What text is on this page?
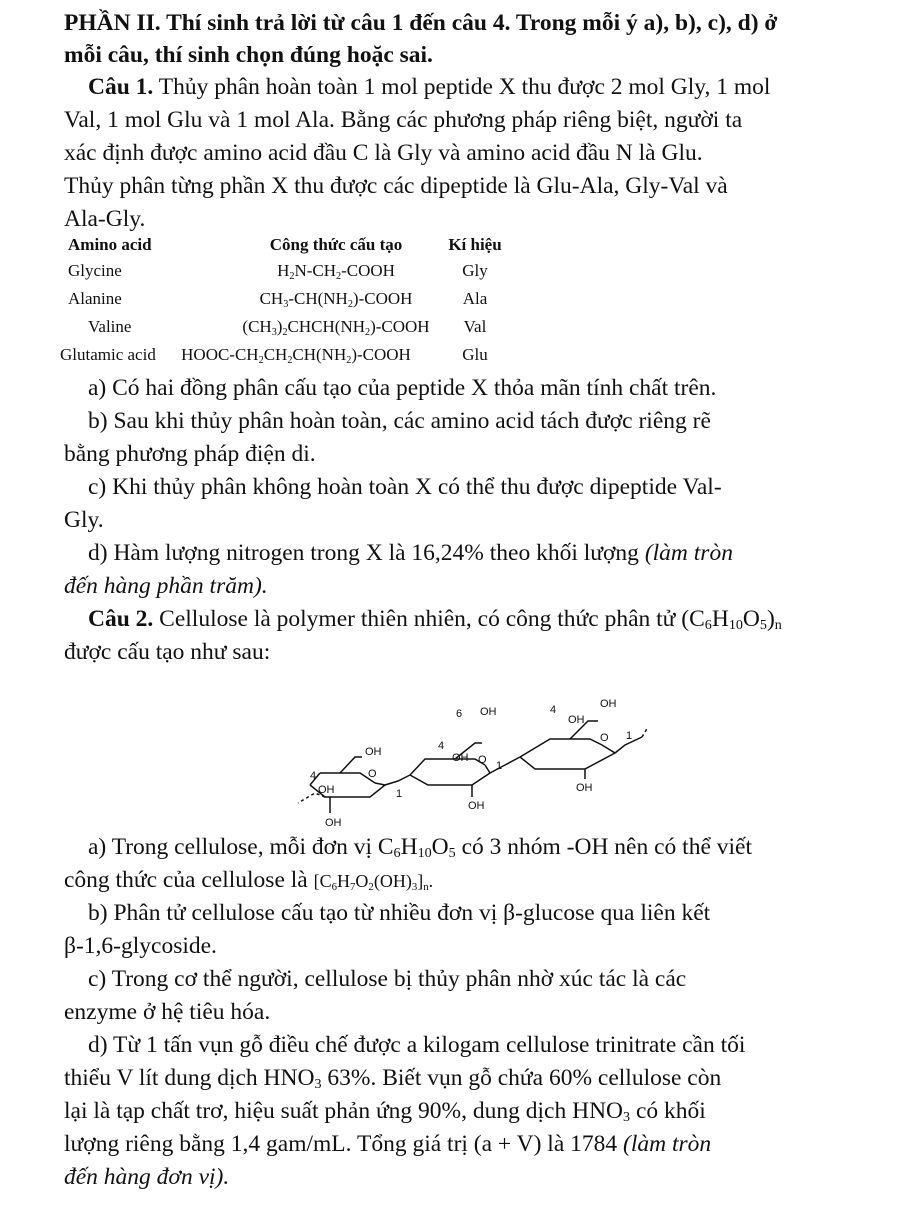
PHẦN II. Thí sinh trả lời từ câu 1 đến câu 4. Trong mỗi ý a), b), c), d) ở
mỗi câu, thí sinh chọn đúng hoặc sai.
Câu 1. Thủy phân hoàn toàn 1 mol peptide X thu được 2 mol Gly, 1 mol
Val, 1 mol Glu và 1 mol Ala. Bằng các phương pháp riêng biệt, người ta
xác định được amino acid đầu C là Gly và amino acid đầu N là Glu.
Thủy phân từng phần X thu được các dipeptide là Glu-Ala, Gly-Val và
Ala-Gly.
Amino acid	Công thức cấu tạo	Kí hiệu
Glycine	$H_2N-CH_2$-COOH	Gly
Alanine	$CH_3-CH(NH_2)$-COOH	Ala
Valine	$(CH_3)_2CHCH(NH_2)$-COOH	Val
Glutamic acid	HOOC-$CH_2CH_2CH(NH_2)$-COOH	Glu
a) Có hai đồng phân cấu tạo của peptide X thỏa mãn tính chất trên.
b) Sau khi thủy phân hoàn toàn, các amino acid tách được riêng rẽ
bằng phương pháp điện di.
c) Khi thủy phân không hoàn toàn X có thể thu được dipeptide Val-
Gly.
d) Hàm lượng nitrogen trong X là 16,24% theo khối lượng (làm tròn
đến hàng phần trăm).
Câu 2. Cellulose là polymer thiên nhiên, có công thức phân tử $(C_6H_{10}O_5)_n$
được cấu tạo như sau:
OH
O
4
OH
OH
1
6 OH
O
4
OH
OH
1
OH
O
4
OH
OH
1
a) Trong cellulose, mỗi đơn vị $C_6H_{10}O_5$ có 3 nhóm -OH nên có thể viết
công thức của cellulose là $[C_6H_7O_2(OH)_3]_n$.
b) Phân tử cellulose cấu tạo từ nhiều đơn vị β-glucose qua liên kết
β-1,6-glycoside.
c) Trong cơ thể người, cellulose bị thủy phân nhờ xúc tác là các
enzyme ở hệ tiêu hóa.
d) Từ 1 tấn vụn gỗ điều chế được a kilogam cellulose trinitrate cần tối
thiểu V lít dung dịch $HNO_3$ 63%. Biết vụn gỗ chứa 60% cellulose còn
lại là tạp chất trơ, hiệu suất phản ứng 90%, dung dịch $HNO_3$ có khối
lượng riêng bằng 1,4 gam/mL. Tổng giá trị (a + V) là 1784 (làm tròn
đến hàng đơn vị).
